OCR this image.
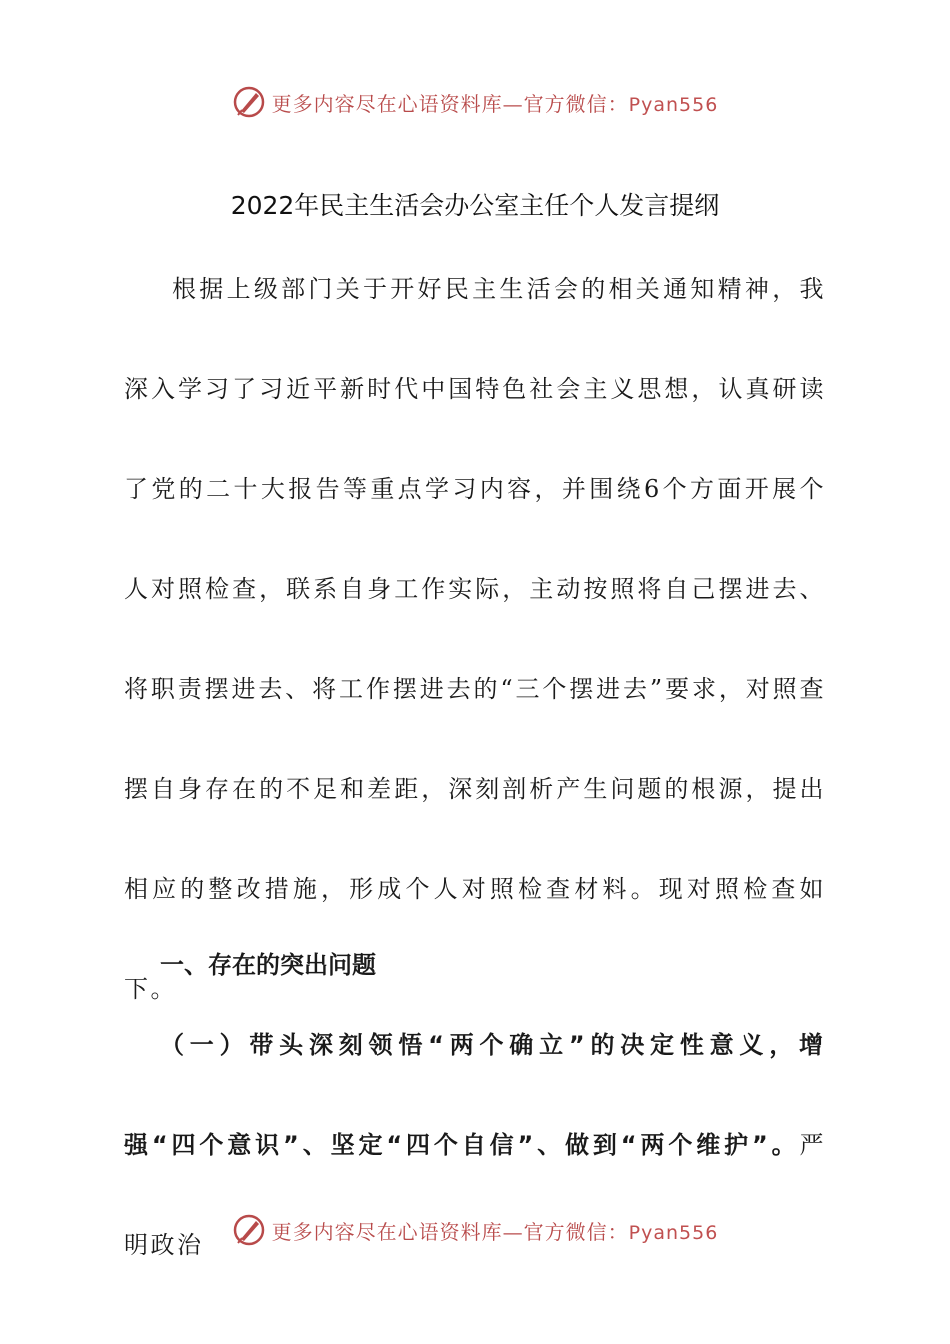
更多内容尽在心语资料库—官方微信：Pyan556
2022年民主生活会办公室主任个人发言提纲
根据上级部门关于开好民主生活会的相关通知精神，我深入学习了习近平新时代中国特色社会主义思想，认真研读了党的二十大报告等重点学习内容，并围绕6个方面开展个人对照检查，联系自身工作实际，主动按照将自己摆进去、将职责摆进去、将工作摆进去的“三个摆进去”要求，对照查摆自身存在的不足和差距，深刻剖析产生问题的根源，提出相应的整改措施，形成个人对照检查材料。现对照检查如下。
一、存在的突出问题
（一）带头深刻领悟“两个确立”的决定性意义，增强“四个意识”、坚定“四个自信”、做到“两个维护”。严明政治	更多内容尽在心语资料库—官方微信：Pyan556
